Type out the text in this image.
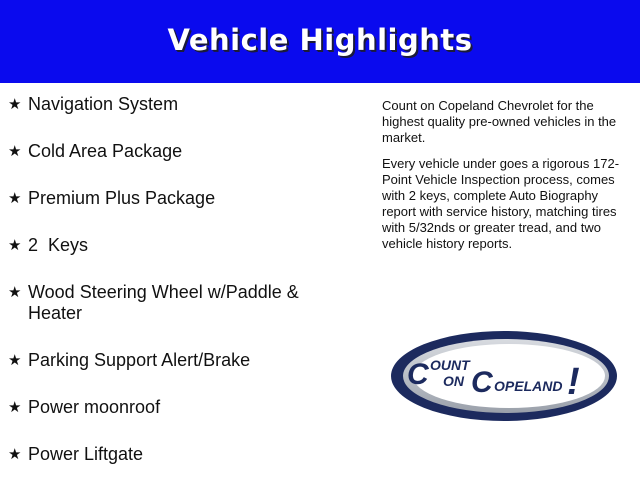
Vehicle Highlights
★ Navigation System
★ Cold Area Package
★ Premium Plus Package
★ 2  Keys
★ Wood Steering Wheel w/Paddle & Heater
★ Parking Support Alert/Brake
★ Power moonroof
★ Power Liftgate

Count on Copeland Chevrolet for the highest quality pre-owned vehicles in the market.

Every vehicle under goes a rigorous 172-Point Vehicle Inspection process, comes with 2 keys, complete Auto Biography report with service history, matching tires with 5/32nds or greater tread, and two vehicle history reports.

C OUNT
ON C OPELAND !
